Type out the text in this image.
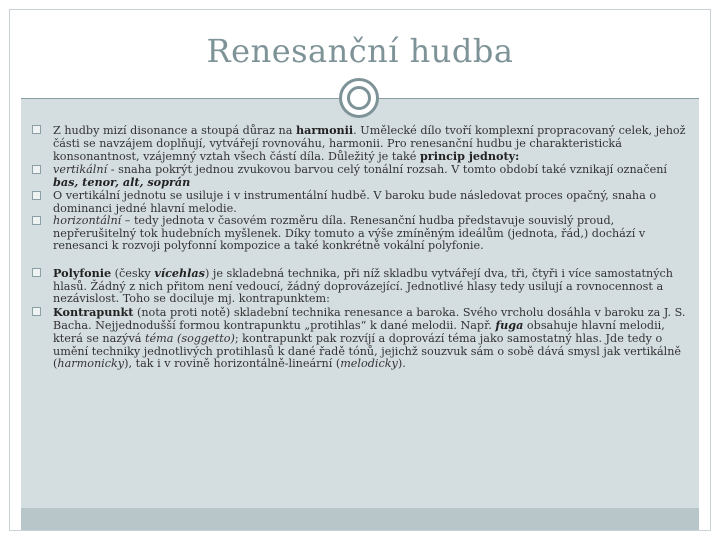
Renesanční hudba
Z hudby mizí disonance a stoupá důraz na harmonii. Umělecké dílo tvoří komplexní propracovaný celek, jehož části se navzájem doplňují, vytvářejí rovnováhu, harmonii. Pro renesanční hudbu je charakteristická konsonantnost, vzájemný vztah všech částí díla. Důležitý je také princip jednoty:
vertikální - snaha pokrýt jednou zvukovou barvou celý tonální rozsah. V tomto období také vznikají označení bas, tenor, alt, soprán
O vertikální jednotu se usiluje i v instrumentální hudbě. V baroku bude následovat proces opačný, snaha o dominanci jedné hlavní melodie.
horizontální – tedy jednota v časovém rozměru díla. Renesanční hudba představuje souvislý proud, nepřerušitelný tok hudebních myšlenek. Díky tomuto a výše zmíněným ideálům (jednota, řád,) dochází v renesanci k rozvoji polyfonní kompozice a také konkrétně vokální polyfonie.
Polyfonie (česky vícehlas) je skladebná technika, při níž skladbu vytvářejí dva, tři, čtyři i více samostatných hlasů. Žádný z nich přitom není vedoucí, žádný doprovázející. Jednotlivé hlasy tedy usilují a rovnocennost a nezávislost. Toho se dociluje mj. kontrapunktem:
Kontrapunkt (nota proti notě) skladební technika renesance a baroka. Svého vrcholu dosáhla v baroku za J. S. Bacha. Nejjednodušší formou kontrapunktu „protihlas“ k dané melodii. Např. fuga obsahuje hlavní melodii, která se nazývá téma (soggetto); kontrapunkt pak rozvíjí a doprovází téma jako samostatný hlas. Jde tedy o umění techniky jednotlivých protihlasů k dané řadě tónů, jejichž souzvuk sám o sobě dává smysl jak vertikálně (harmonicky), tak i v rovině horizontálně-lineární (melodicky).
